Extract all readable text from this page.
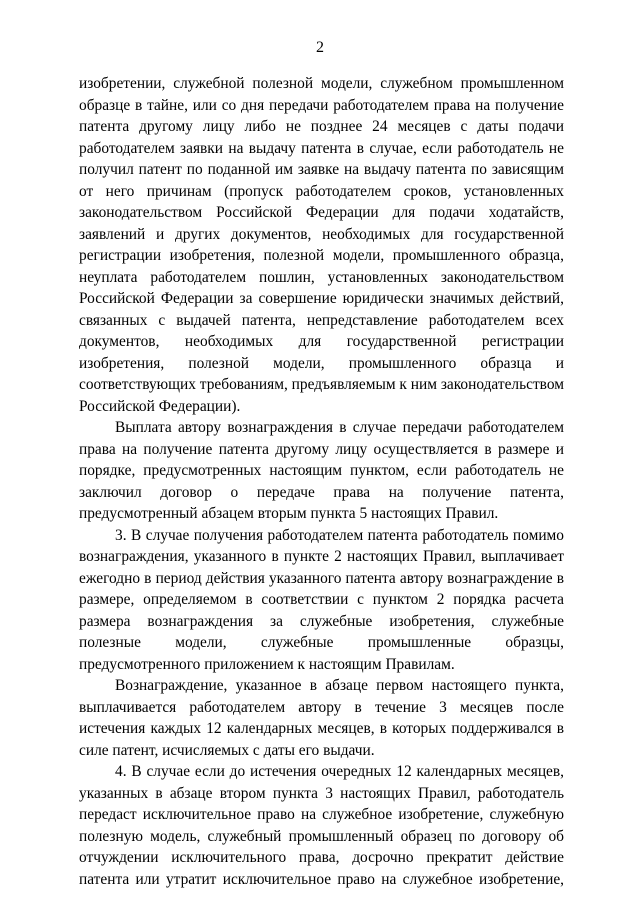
2

изобретении, служебной полезной модели, служебном промышленном образце в тайне, или со дня передачи работодателем права на получение патента другому лицу либо не позднее 24 месяцев с даты подачи работодателем заявки на выдачу патента в случае, если работодатель не получил патент по поданной им заявке на выдачу патента по зависящим от него причинам (пропуск работодателем сроков, установленных законодательством Российской Федерации для подачи ходатайств, заявлений и других документов, необходимых для государственной регистрации изобретения, полезной модели, промышленного образца, неуплата работодателем пошлин, установленных законодательством Российской Федерации за совершение юридически значимых действий, связанных с выдачей патента, непредставление работодателем всех документов, необходимых для государственной регистрации изобретения, полезной модели, промышленного образца и соответствующих требованиям, предъявляемым к ним законодательством Российской Федерации).

Выплата автору вознаграждения в случае передачи работодателем права на получение патента другому лицу осуществляется в размере и порядке, предусмотренных настоящим пунктом, если работодатель не заключил договор о передаче права на получение патента, предусмотренный абзацем вторым пункта 5 настоящих Правил.

3. В случае получения работодателем патента работодатель помимо вознаграждения, указанного в пункте 2 настоящих Правил, выплачивает ежегодно в период действия указанного патента автору вознаграждение в размере, определяемом в соответствии с пунктом 2 порядка расчета размера вознаграждения за служебные изобретения, служебные полезные модели, служебные промышленные образцы, предусмотренного приложением к настоящим Правилам.

Вознаграждение, указанное в абзаце первом настоящего пункта, выплачивается работодателем автору в течение 3 месяцев после истечения каждых 12 календарных месяцев, в которых поддерживался в силе патент, исчисляемых с даты его выдачи.

4. В случае если до истечения очередных 12 календарных месяцев, указанных в абзаце втором пункта 3 настоящих Правил, работодатель передаст исключительное право на служебное изобретение, служебную полезную модель, служебный промышленный образец по договору об отчуждении исключительного права, досрочно прекратит действие патента или утратит исключительное право на служебное изобретение,
